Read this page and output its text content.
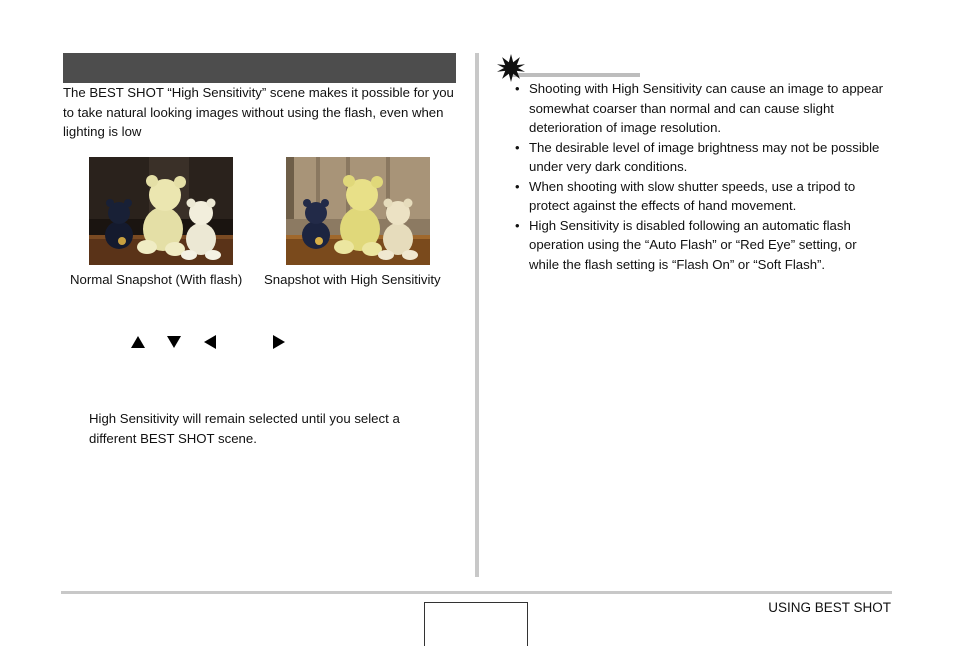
The BEST SHOT “High Sensitivity” scene makes it possible for you to take natural looking images without using the flash, even when lighting is low

Normal Snapshot (With flash) Snapshot with High Sensitivity

High Sensitivity will remain selected until you select a different BEST SHOT scene.

• Shooting with High Sensitivity can cause an image to appear somewhat coarser than normal and can cause slight deterioration of image resolution.
• The desirable level of image brightness may not be possible under very dark conditions.
• When shooting with slow shutter speeds, use a tripod to protect against the effects of hand movement.
• High Sensitivity is disabled following an automatic flash operation using the “Auto Flash” or “Red Eye” setting, or while the flash setting is “Flash On” or “Soft Flash”.

USING BEST SHOT
